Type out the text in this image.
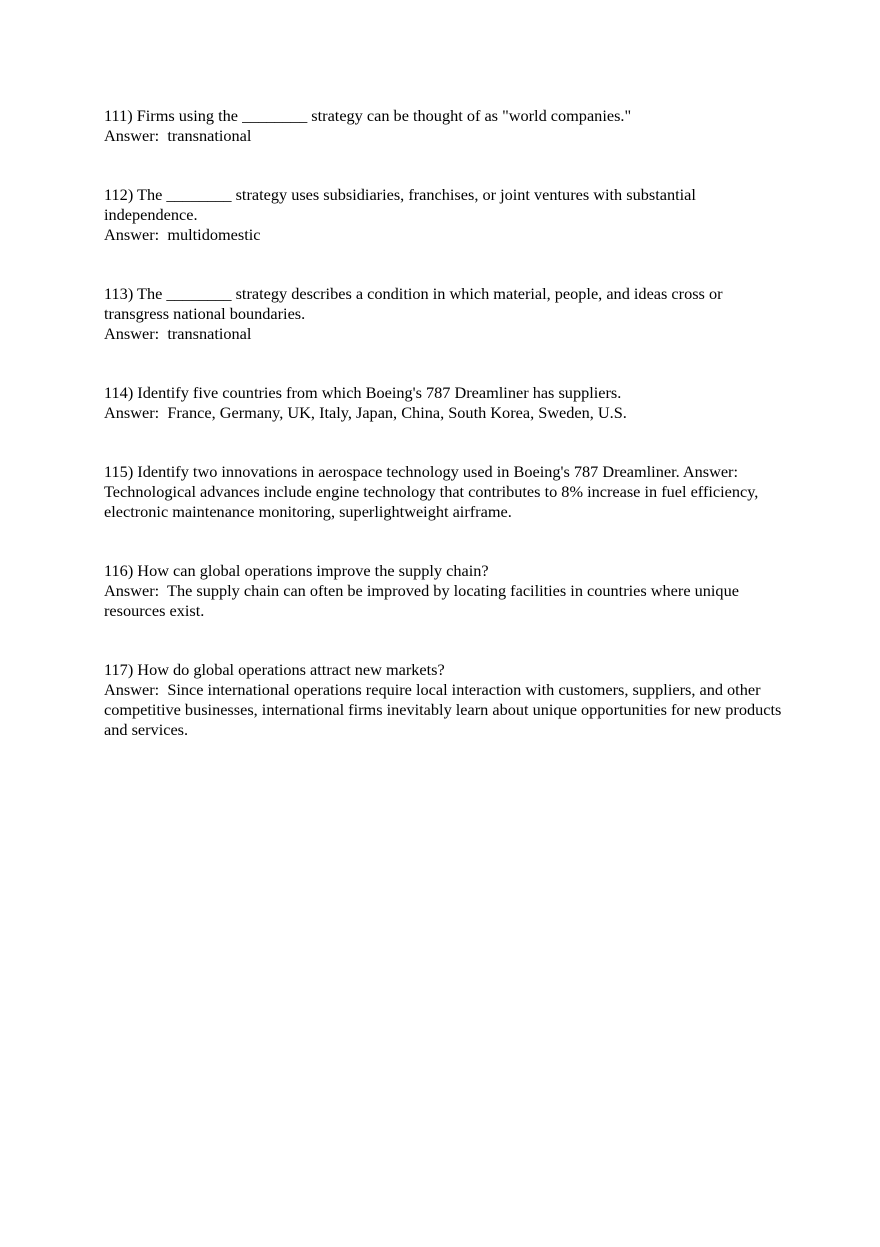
111) Firms using the ________ strategy can be thought of as "world companies."

Answer:  transnational

112) The ________ strategy uses subsidiaries, franchises, or joint ventures with substantial independence.

Answer:  multidomestic

113) The ________ strategy describes a condition in which material, people, and ideas cross or transgress national boundaries.

Answer:  transnational

114) Identify five countries from which Boeing's 787 Dreamliner has suppliers.

Answer:  France, Germany, UK, Italy, Japan, China, South Korea, Sweden, U.S.

115) Identify two innovations in aerospace technology used in Boeing's 787 Dreamliner. Answer: Technological advances include engine technology that contributes to 8% increase in fuel efficiency, electronic maintenance monitoring, superlightweight airframe.

116) How can global operations improve the supply chain?

Answer:  The supply chain can often be improved by locating facilities in countries where unique resources exist.

117) How do global operations attract new markets?

Answer:  Since international operations require local interaction with customers, suppliers, and other competitive businesses, international firms inevitably learn about unique opportunities for new products and services.
